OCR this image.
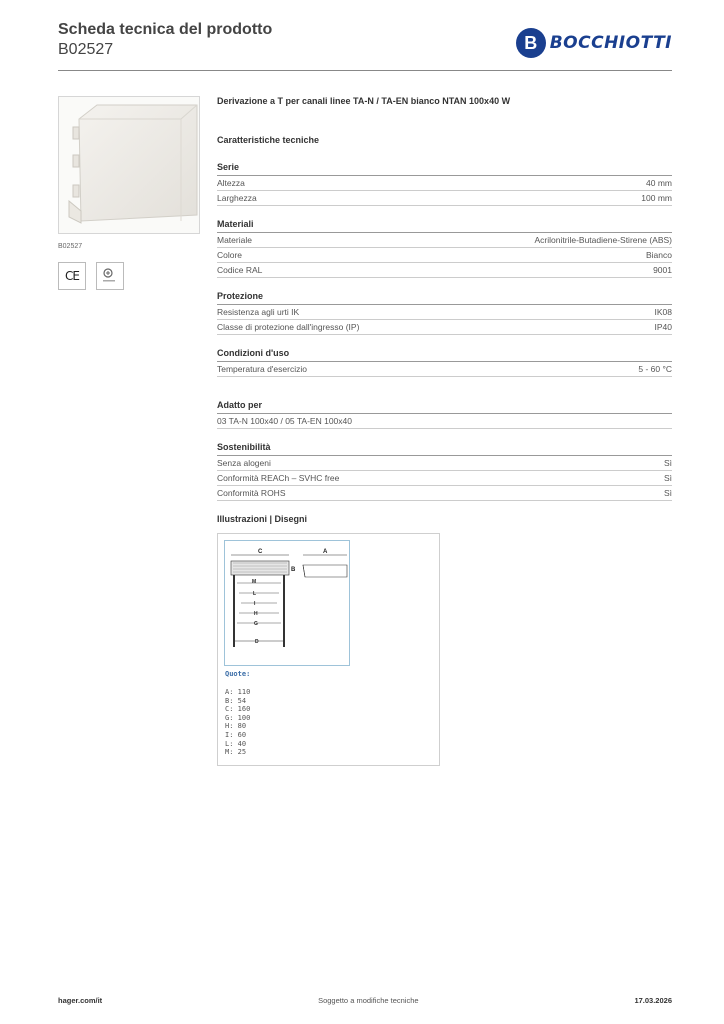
Scheda tecnica del prodotto
B02527	B BOCCHIOTTI
B02527
CE
Derivazione a T per canali linee TA-N / TA-EN bianco NTAN 100x40 W
Caratteristiche tecniche
Serie
Altezza	40 mm
Larghezza	100 mm
Materiali
Materiale	Acrilonitrile-Butadiene-Stirene (ABS)
Colore	Bianco
Codice RAL	9001
Protezione
Resistenza agli urti IK	IK08
Classe di protezione dall'ingresso (IP)	IP40
Condizioni d'uso
Temperatura d'esercizio	5 - 60 °C
Adatto per
03 TA-N 100x40 / 05 TA-EN 100x40
Sostenibilità
Senza alogeni	Sì
Conformità REACh – SVHC free	Sì
Conformità ROHS	Sì
Illustrazioni | Disegni
C	A
B
M
L
I
H
G
D
Quote:
A: 110
B: 54
C: 160
G: 100
H: 80
I: 60
L: 40
M: 25
hager.com/it	Soggetto a modifiche tecniche	17.03.2026
